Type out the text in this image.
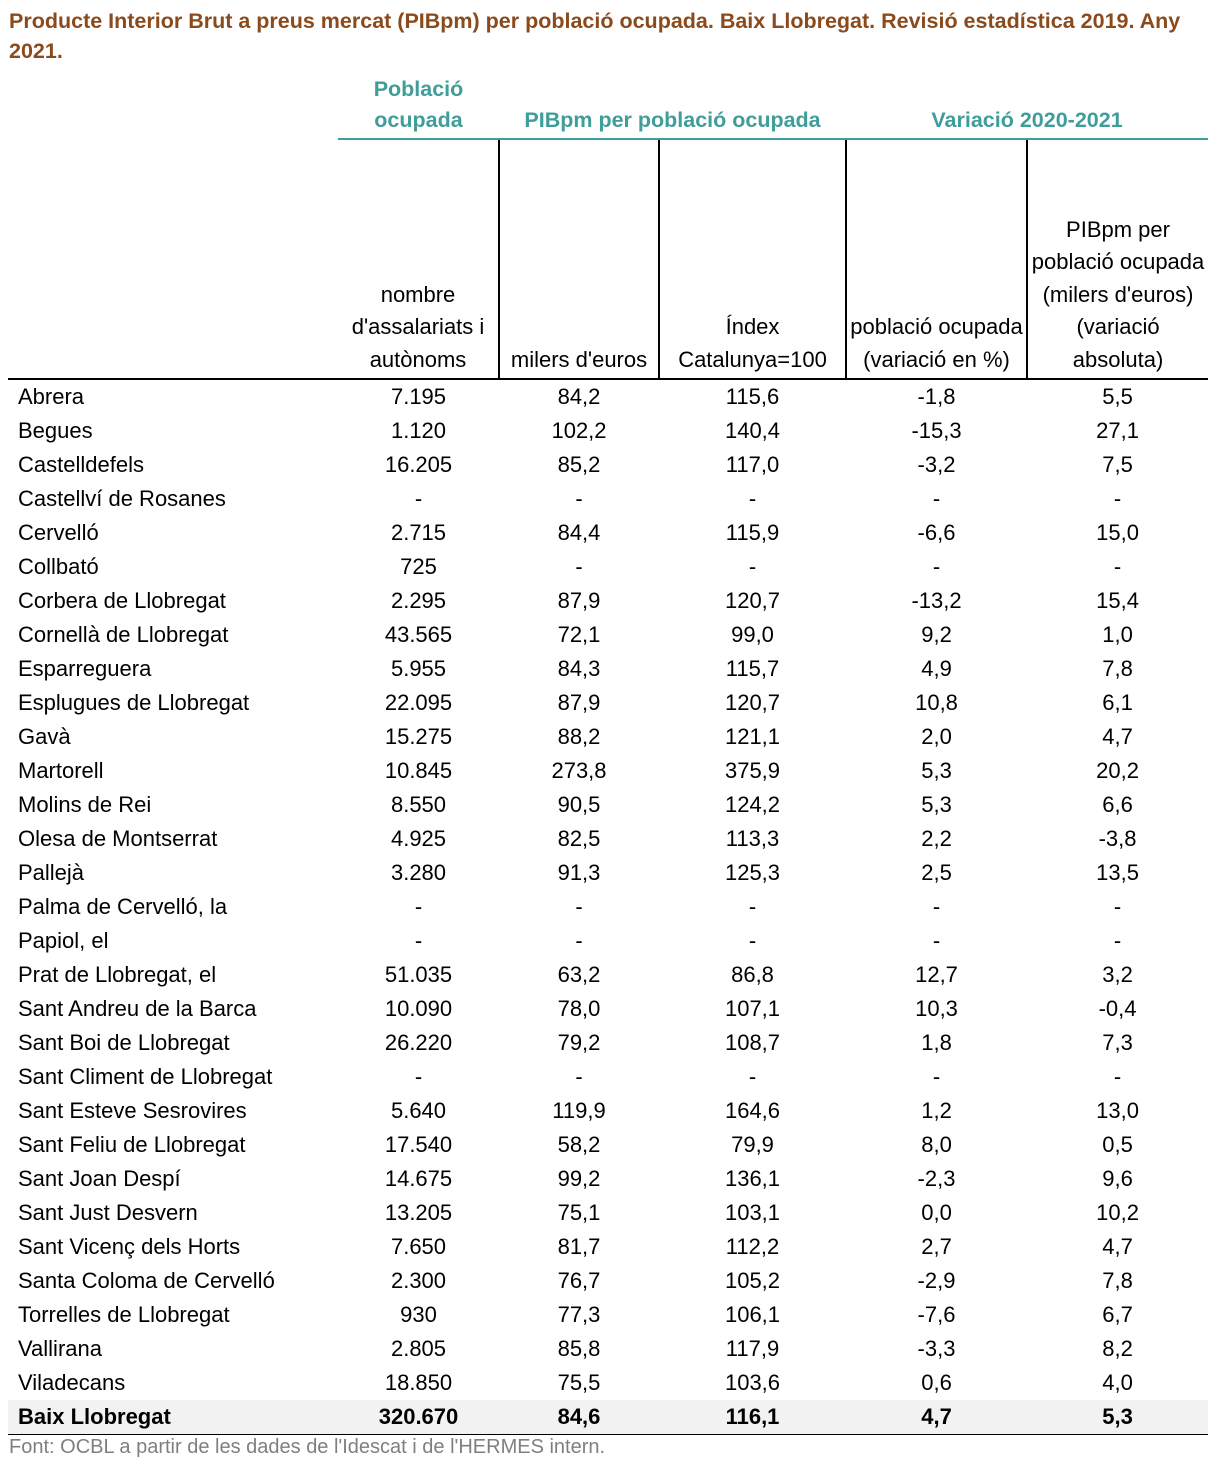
Producte Interior Brut a preus mercat (PIBpm) per població ocupada. Baix Llobregat. Revisió estadística 2019. Any 2021.
	Població ocupada	PIBpm per població ocupada		Variació 2020-2021	
	nombre d'assalariats i autònoms	milers d'euros	Índex Catalunya=100	població ocupada (variació en %)	PIBpm per població ocupada (milers d'euros) (variació absoluta)
Abrera	7.195	84,2	115,6	-1,8	5,5
Begues	1.120	102,2	140,4	-15,3	27,1
Castelldefels	16.205	85,2	117,0	-3,2	7,5
Castellví de Rosanes	-	-	-	-	-
Cervelló	2.715	84,4	115,9	-6,6	15,0
Collbató	725	-	-	-	-
Corbera de Llobregat	2.295	87,9	120,7	-13,2	15,4
Cornellà de Llobregat	43.565	72,1	99,0	9,2	1,0
Esparreguera	5.955	84,3	115,7	4,9	7,8
Esplugues de Llobregat	22.095	87,9	120,7	10,8	6,1
Gavà	15.275	88,2	121,1	2,0	4,7
Martorell	10.845	273,8	375,9	5,3	20,2
Molins de Rei	8.550	90,5	124,2	5,3	6,6
Olesa de Montserrat	4.925	82,5	113,3	2,2	-3,8
Pallejà	3.280	91,3	125,3	2,5	13,5
Palma de Cervelló, la	-	-	-	-	-
Papiol, el	-	-	-	-	-
Prat de Llobregat, el	51.035	63,2	86,8	12,7	3,2
Sant Andreu de la Barca	10.090	78,0	107,1	10,3	-0,4
Sant Boi de Llobregat	26.220	79,2	108,7	1,8	7,3
Sant Climent de Llobregat	-	-	-	-	-
Sant Esteve Sesrovires	5.640	119,9	164,6	1,2	13,0
Sant Feliu de Llobregat	17.540	58,2	79,9	8,0	0,5
Sant Joan Despí	14.675	99,2	136,1	-2,3	9,6
Sant Just Desvern	13.205	75,1	103,1	0,0	10,2
Sant Vicenç dels Horts	7.650	81,7	112,2	2,7	4,7
Santa Coloma de Cervelló	2.300	76,7	105,2	-2,9	7,8
Torrelles de Llobregat	930	77,3	106,1	-7,6	6,7
Vallirana	2.805	85,8	117,9	-3,3	8,2
Viladecans	18.850	75,5	103,6	0,6	4,0
Baix Llobregat	320.670	84,6	116,1	4,7	5,3
Font: OCBL a partir de les dades de l'Idescat i de l'HERMES intern.
